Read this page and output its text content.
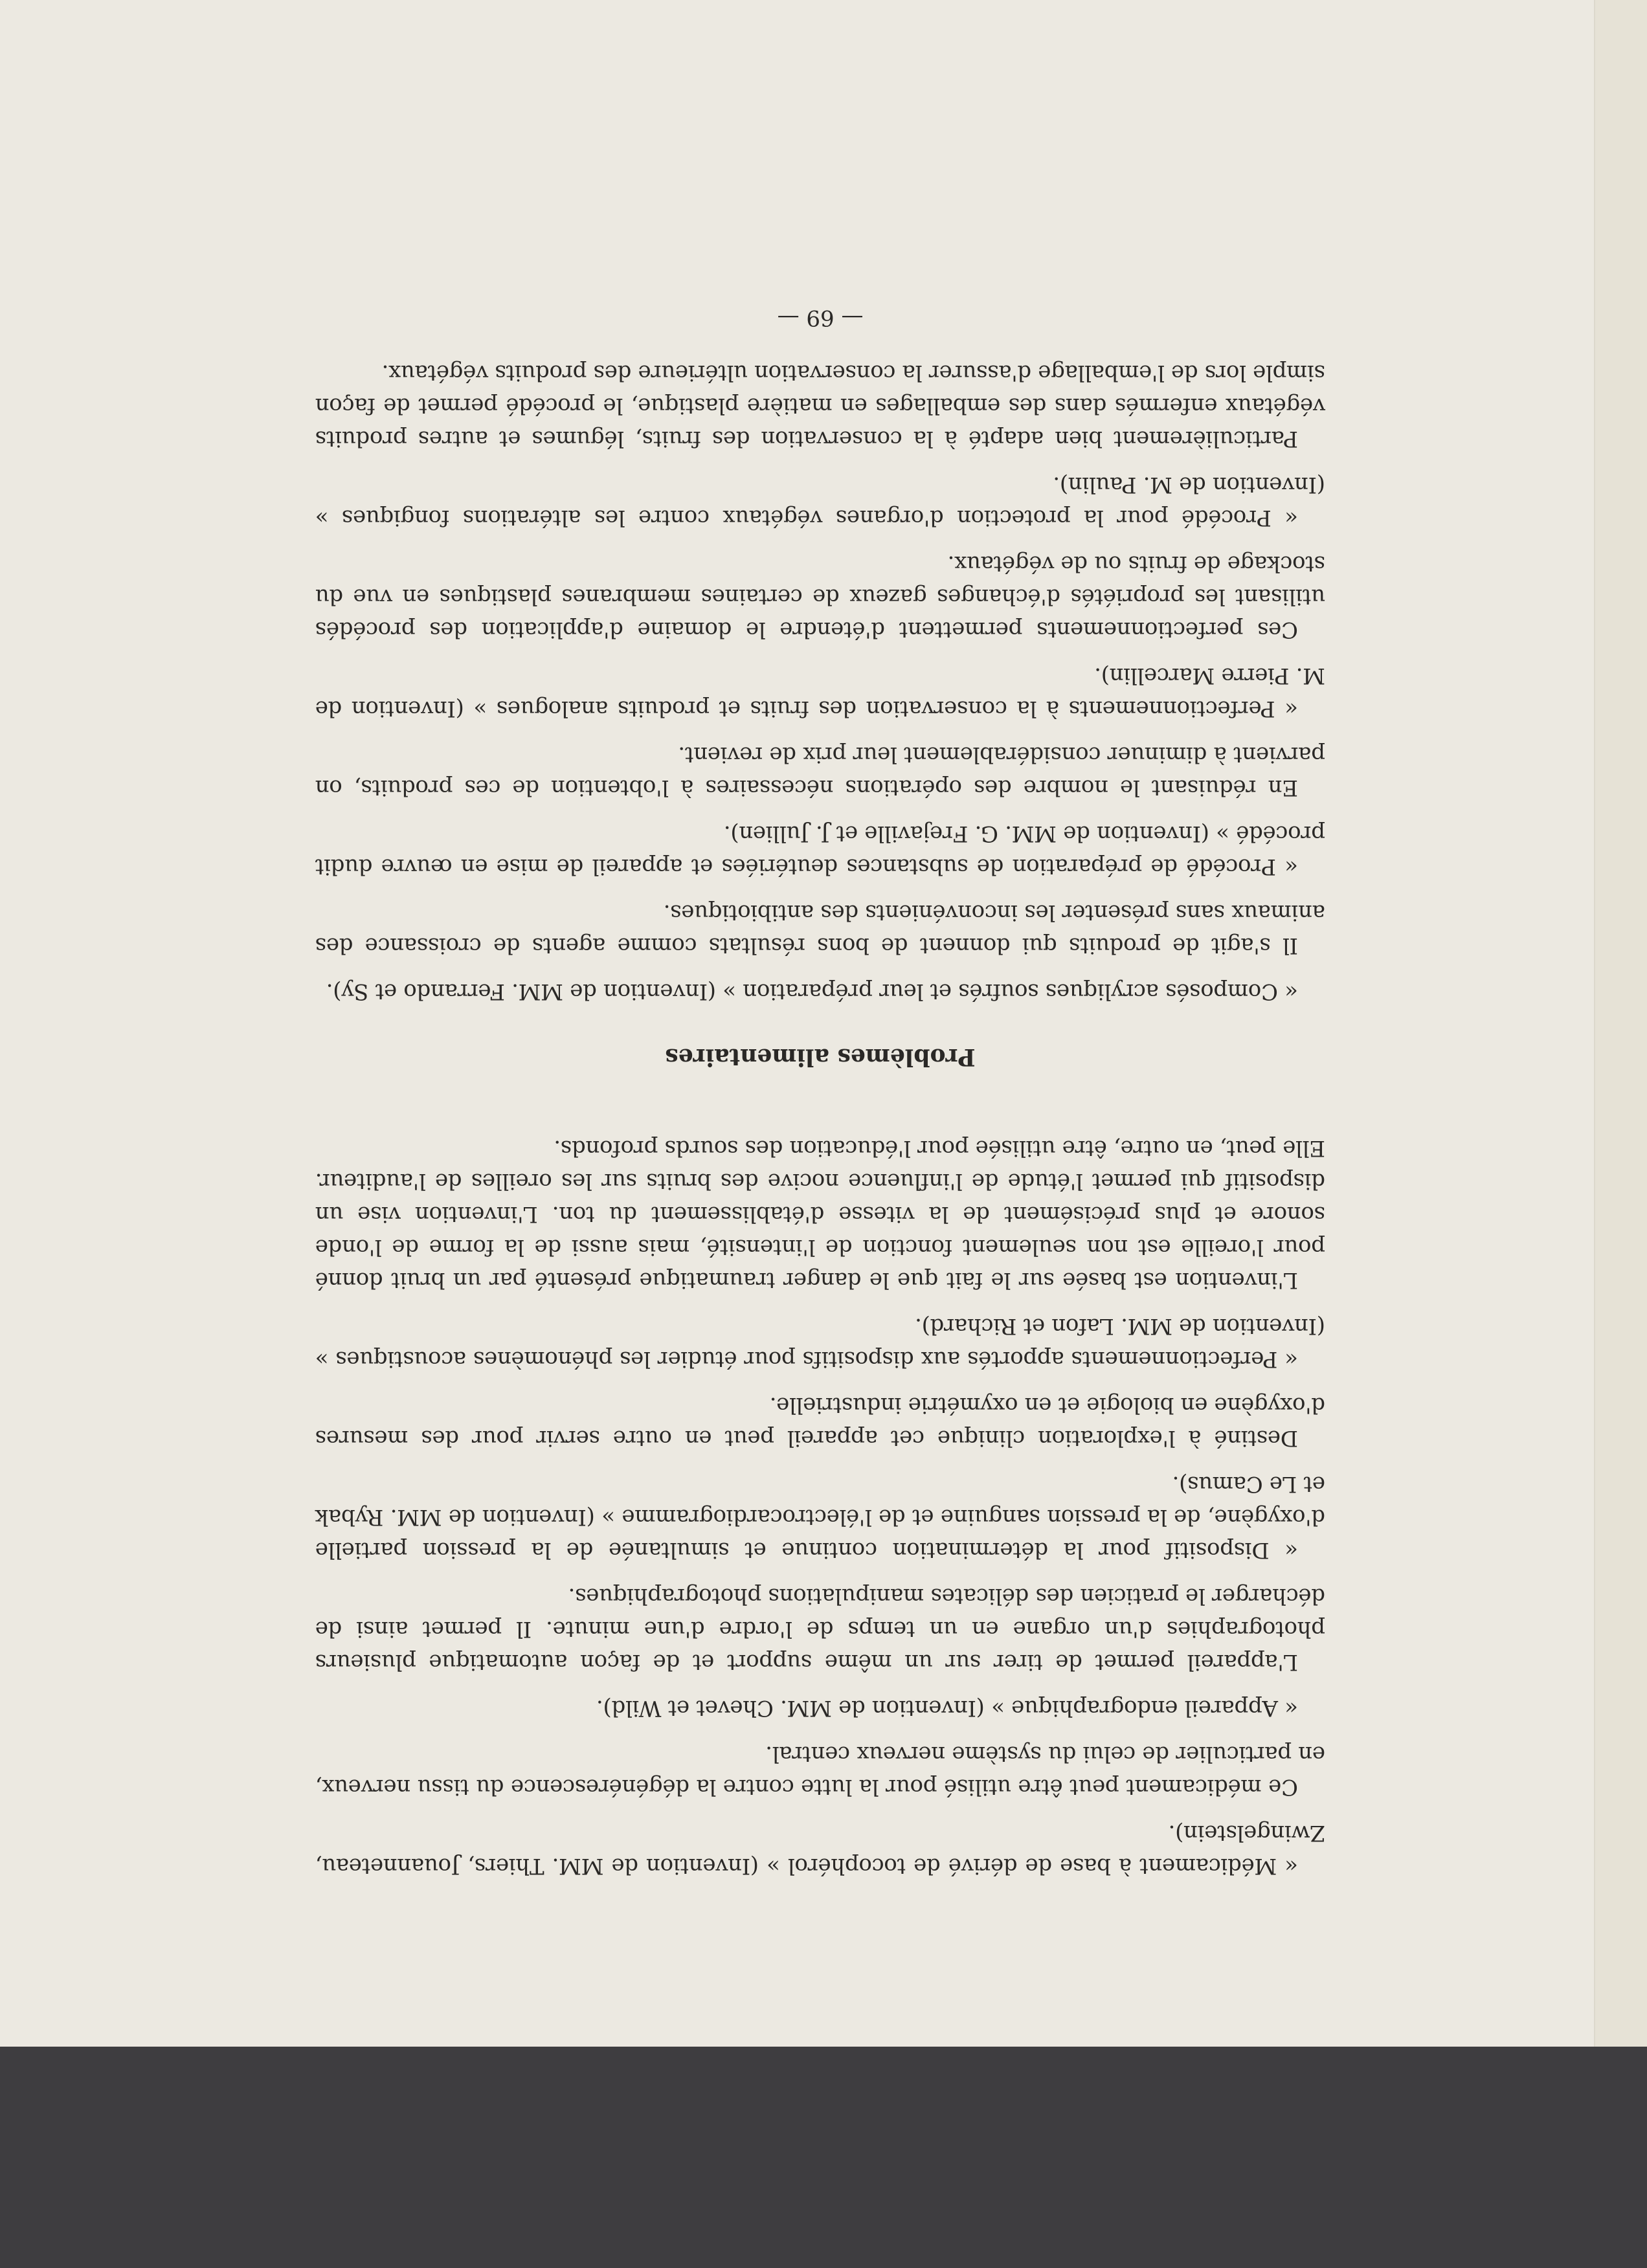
« Médicament à base de dérivé de tocophérol » (Invention de MM. Thiers, Jouanneteau, Zwingelstein).

Ce médicament peut être utilisé pour la lutte contre la dégénérescence du tissu nerveux, en particulier de celui du système nerveux central.

« Appareil endographique » (Invention de MM. Chevet et Wild).

L'appareil permet de tirer sur un même support et de façon automatique plusieurs photographies d'un organe en un temps de l'ordre d'une minute. Il permet ainsi de décharger le praticien des délicates manipulations photographiques.

« Dispositif pour la détermination continue et simultanée de la pression partielle d'oxygène, de la pression sanguine et de l'électrocardiogramme » (Invention de MM. Rybak et Le Camus).

Destiné à l'exploration clinique cet appareil peut en outre servir pour des mesures d'oxygène en biologie et en oxymétrie industrielle.

« Perfectionnements apportés aux dispositifs pour étudier les phénomènes acoustiques » (Invention de MM. Lafon et Richard).

L'invention est basée sur le fait que le danger traumatique présenté par un bruit donné pour l'oreille est non seulement fonction de l'intensité, mais aussi de la forme de l'onde sonore et plus précisément de la vitesse d'établissement du ton. L'invention vise un dispositif qui permet l'étude de l'influence nocive des bruits sur les oreilles de l'auditeur. Elle peut, en outre, être utilisée pour l'éducation des sourds profonds.

Problèmes alimentaires

« Composés acryliques soufrés et leur préparation » (Invention de MM. Ferrando et Sy).

Il s'agit de produits qui donnent de bons résultats comme agents de croissance des animaux sans présenter les inconvénients des antibiotiques.

« Procédé de préparation de substances deutériées et appareil de mise en œuvre dudit procédé » (Invention de MM. G. Frejaville et J. Jullien).

En réduisant le nombre des opérations nécessaires à l'obtention de ces produits, on parvient à diminuer considérablement leur prix de revient.

« Perfectionnements à la conservation des fruits et produits analogues » (Invention de M. Pierre Marcellin).

Ces perfectionnements permettent d'étendre le domaine d'application des procédés utilisant les propriétés d'échanges gazeux de certaines membranes plastiques en vue du stockage de fruits ou de végétaux.

« Procédé pour la protection d'organes végétaux contre les altérations fongiques » (Invention de M. Paulin).

Particulièrement bien adapté à la conservation des fruits, légumes et autres produits végétaux enfermés dans des emballages en matière plastique, le procédé permet de façon simple lors de l'emballage d'assurer la conservation ultérieure des produits végétaux.

— 69 —
